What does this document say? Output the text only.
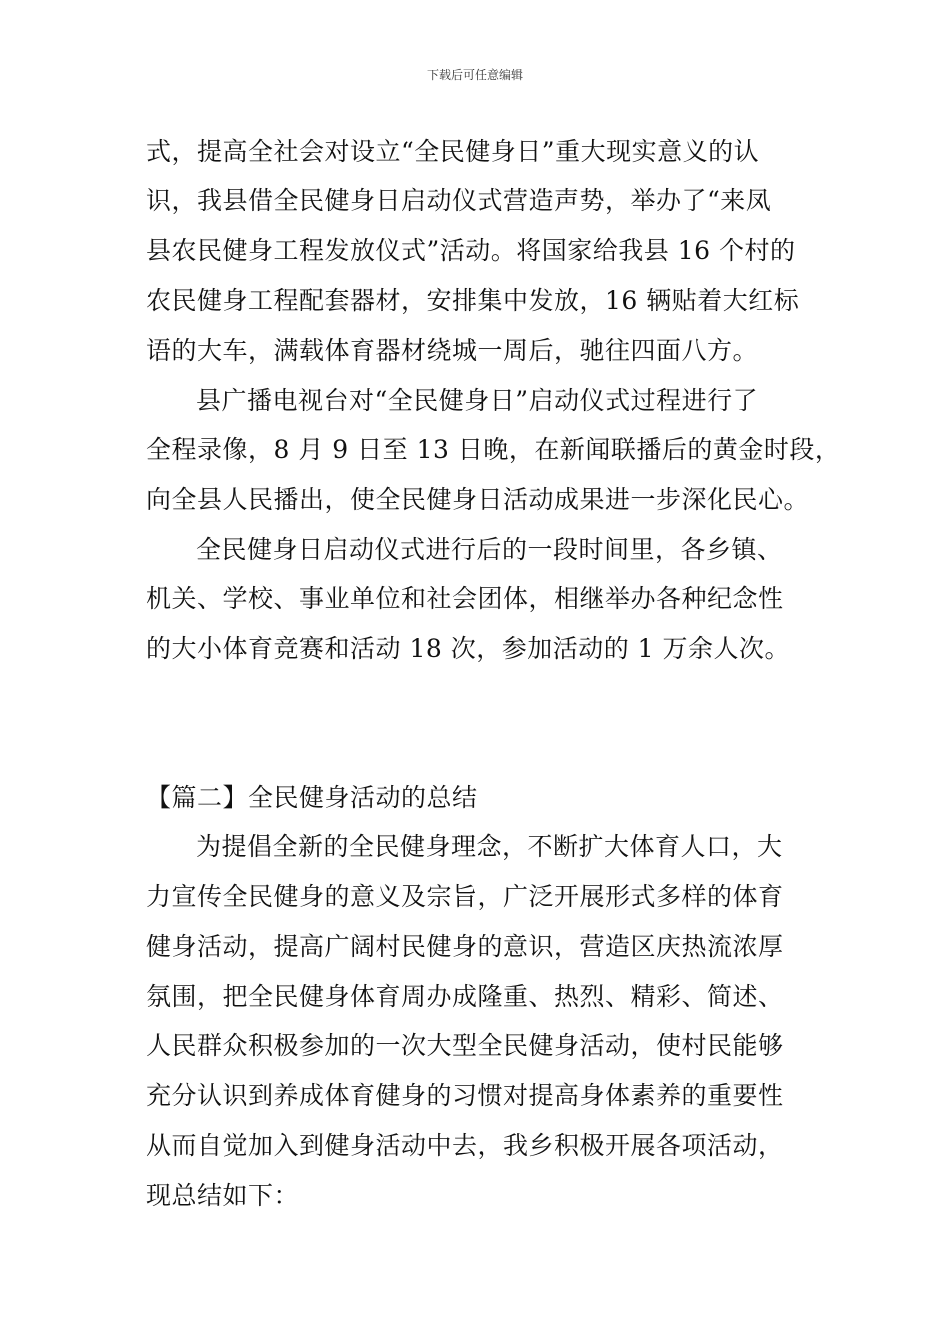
下载后可任意编辑
式，提高全社会对设立“全民健身日”重大现实意义的认
识，我县借全民健身日启动仪式营造声势，举办了“来凤
县农民健身工程发放仪式”活动。将国家给我县 16 个村的
农民健身工程配套器材，安排集中发放，16 辆贴着大红标
语的大车，满载体育器材绕城一周后，驰往四面八方。
县广播电视台对“全民健身日”启动仪式过程进行了
全程录像，8 月 9 日至 13 日晚，在新闻联播后的黄金时段，
向全县人民播出，使全民健身日活动成果进一步深化民心。
全民健身日启动仪式进行后的一段时间里，各乡镇、
机关、学校、事业单位和社会团体，相继举办各种纪念性
的大小体育竞赛和活动 18 次，参加活动的 1 万余人次。
【篇二】全民健身活动的总结
为提倡全新的全民健身理念，不断扩大体育人口，大
力宣传全民健身的意义及宗旨，广泛开展形式多样的体育
健身活动，提高广阔村民健身的意识，营造区庆热流浓厚
氛围，把全民健身体育周办成隆重、热烈、精彩、简述、
人民群众积极参加的一次大型全民健身活动，使村民能够
充分认识到养成体育健身的习惯对提高身体素养的重要性
从而自觉加入到健身活动中去，我乡积极开展各项活动，
现总结如下：
